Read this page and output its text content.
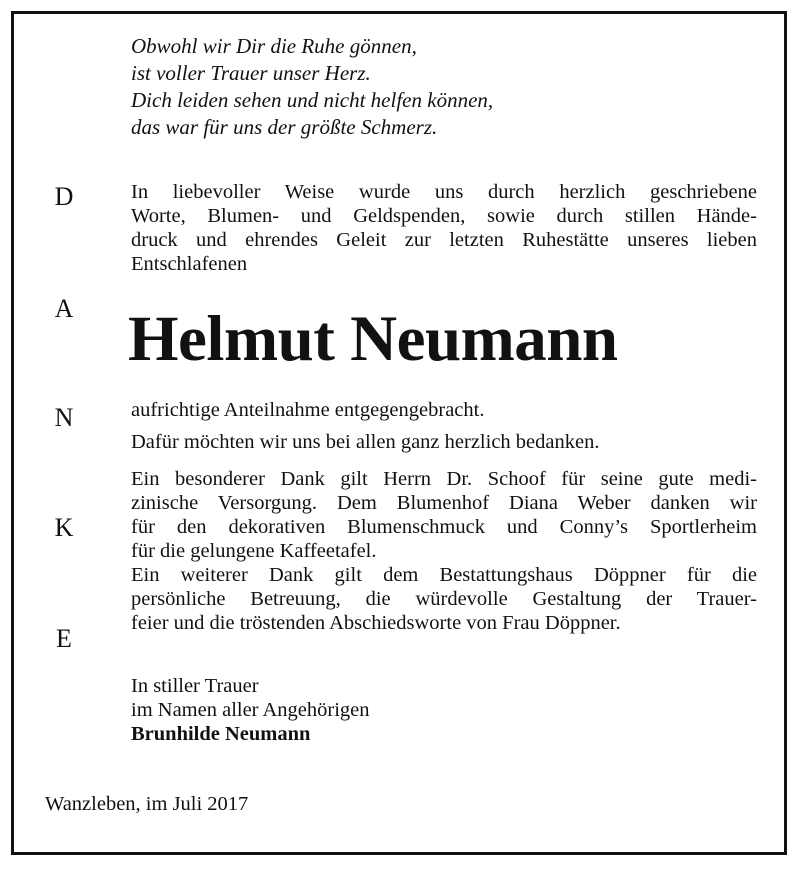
Obwohl wir Dir die Ruhe gönnen,
ist voller Trauer unser Herz.
Dich leiden sehen und nicht helfen können,
das war für uns der größte Schmerz.
D
A
N
K
E

In liebevoller Weise wurde uns durch herzlich geschriebene

Worte, Blumen- und Geldspenden, sowie durch stillen Hände-

druck und ehrendes Geleit zur letzten Ruhestätte unseres lieben

Entschlafenen

Helmut Neumann

aufrichtige Anteilnahme entgegengebracht.

Dafür möchten wir uns bei allen ganz herzlich bedanken.

Ein besonderer Dank gilt Herrn Dr. Schoof für seine gute medi-

zinische Versorgung. Dem Blumenhof Diana Weber danken wir

für den dekorativen Blumenschmuck und Conny’s Sportlerheim

für die gelungene Kaffeetafel.

Ein weiterer Dank gilt dem Bestattungshaus Döppner für die

persönliche Betreuung, die würdevolle Gestaltung der Trauer-

feier und die tröstenden Abschiedsworte von Frau Döppner.

In stiller Trauer
im Namen aller Angehörigen
Brunhilde Neumann
Wanzleben, im Juli 2017
